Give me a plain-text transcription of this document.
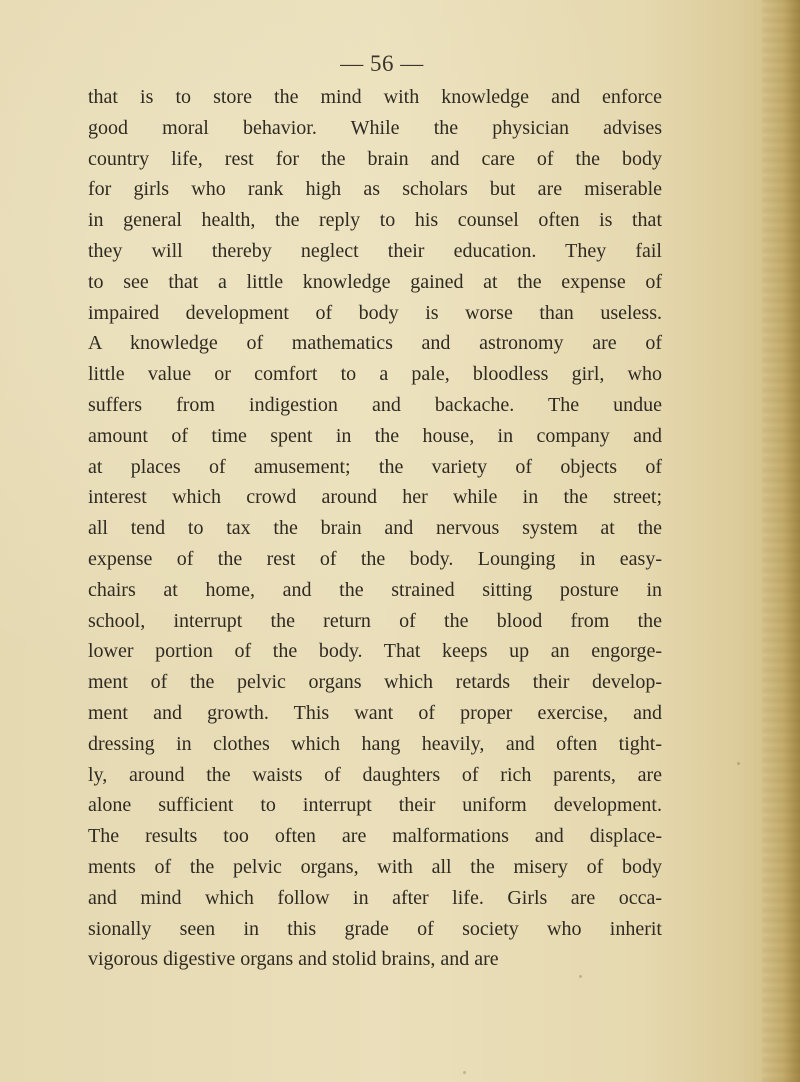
— 56 —
that is to store the mind with knowledge and enforce
good moral behavior. While the physician advises
country life, rest for the brain and care of the body
for girls who rank high as scholars but are miserable
in general health, the reply to his counsel often is that
they will thereby neglect their education. They fail
to see that a little knowledge gained at the expense of
impaired development of body is worse than useless.
A knowledge of mathematics and astronomy are of
little value or comfort to a pale, bloodless girl, who
suffers from indigestion and backache. The undue
amount of time spent in the house, in company and
at places of amusement; the variety of objects of
interest which crowd around her while in the street;
all tend to tax the brain and nervous system at the
expense of the rest of the body. Lounging in easy-
chairs at home, and the strained sitting posture in
school, interrupt the return of the blood from the
lower portion of the body. That keeps up an engorge-
ment of the pelvic organs which retards their develop-
ment and growth. This want of proper exercise, and
dressing in clothes which hang heavily, and often tight-
ly, around the waists of daughters of rich parents, are
alone sufficient to interrupt their uniform development.
The results too often are malformations and displace-
ments of the pelvic organs, with all the misery of body
and mind which follow in after life. Girls are occa-
sionally seen in this grade of society who inherit
vigorous digestive organs and stolid brains, and are
